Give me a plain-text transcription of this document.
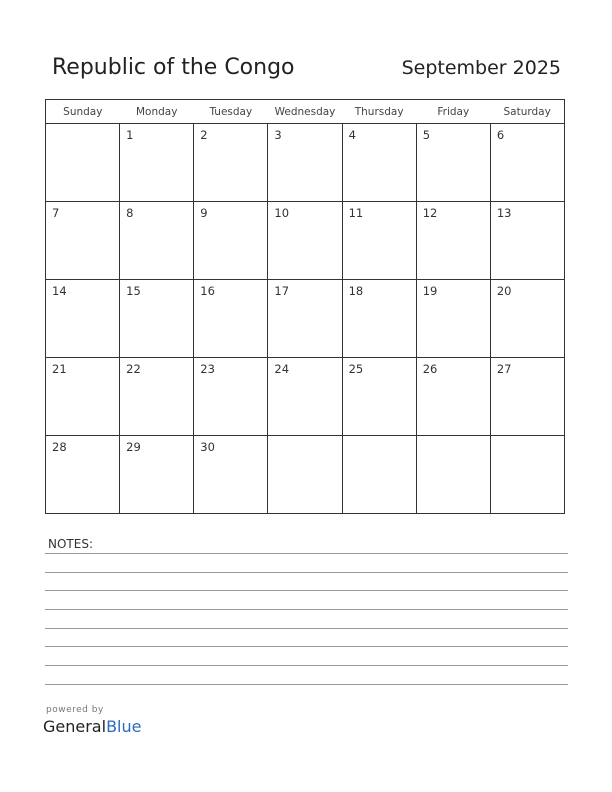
Republic of the Congo	September 2025
Sunday	Monday	Tuesday	Wednesday	Thursday	Friday	Saturday

	1	2	3	4	5	6

7	8	9	10	11	12	13

14	15	16	17	18	19	20

21	22	23	24	25	26	27

28	29	30				

NOTES:
powered by
GeneralBlue
